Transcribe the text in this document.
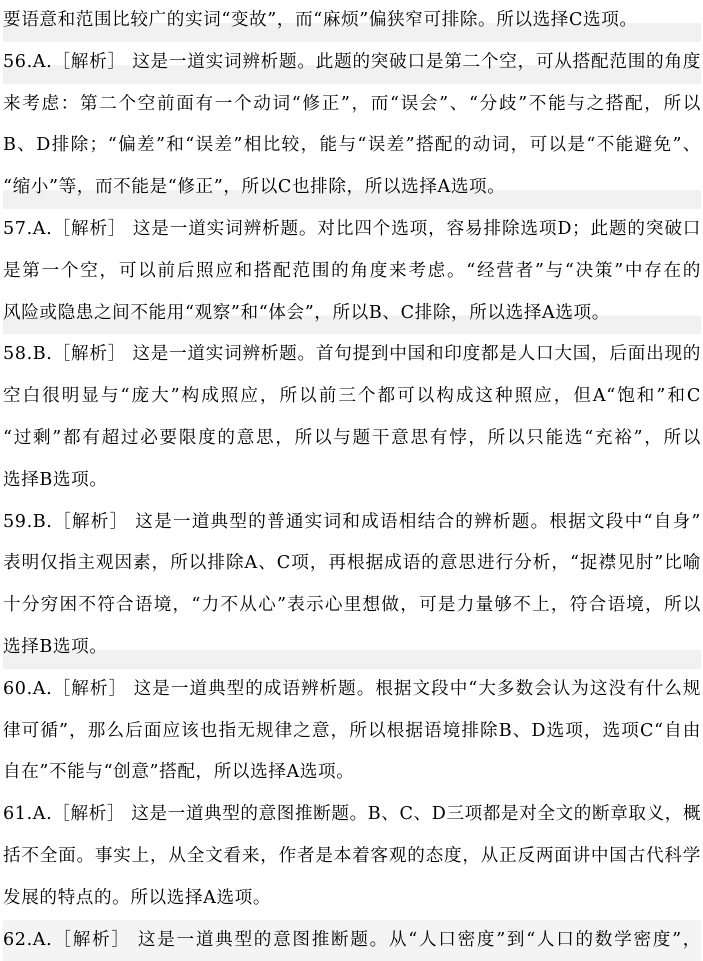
要语意和范围比较广的实词“变故”，而“麻烦”偏狭窄可排除。所以选择C选项。
56.A.［解析］ 这是一道实词辨析题。此题的突破口是第二个空，可从搭配范围的角度
来考虑：第二个空前面有一个动词“修正”，而“误会”、“分歧”不能与之搭配，所以
B、D排除；“偏差”和“误差”相比较，能与“误差”搭配的动词，可以是“不能避免”、
“缩小”等，而不能是“修正”，所以C也排除，所以选择A选项。
57.A.［解析］ 这是一道实词辨析题。对比四个选项，容易排除选项D；此题的突破口
是第一个空，可以前后照应和搭配范围的角度来考虑。“经营者”与“决策”中存在的
风险或隐患之间不能用“观察”和“体会”，所以B、C排除，所以选择A选项。
58.B.［解析］ 这是一道实词辨析题。首句提到中国和印度都是人口大国，后面出现的
空白很明显与“庞大”构成照应，所以前三个都可以构成这种照应，但A“饱和”和C
“过剩”都有超过必要限度的意思，所以与题干意思有悖，所以只能选“充裕”，所以
选择B选项。
59.B.［解析］ 这是一道典型的普通实词和成语相结合的辨析题。根据文段中“自身”
表明仅指主观因素，所以排除A、C项，再根据成语的意思进行分析，“捉襟见肘”比喻
十分穷困不符合语境，“力不从心”表示心里想做，可是力量够不上，符合语境，所以
选择B选项。
60.A.［解析］ 这是一道典型的成语辨析题。根据文段中“大多数会认为这没有什么规
律可循”，那么后面应该也指无规律之意，所以根据语境排除B、D选项，选项C“自由
自在”不能与“创意”搭配，所以选择A选项。
61.A.［解析］ 这是一道典型的意图推断题。B、C、D三项都是对全文的断章取义，概
括不全面。事实上，从全文看来，作者是本着客观的态度，从正反两面讲中国古代科学
发展的特点的。所以选择A选项。
62.A.［解析］ 这是一道典型的意图推断题。从“人口密度”到“人口的数学密度”，
